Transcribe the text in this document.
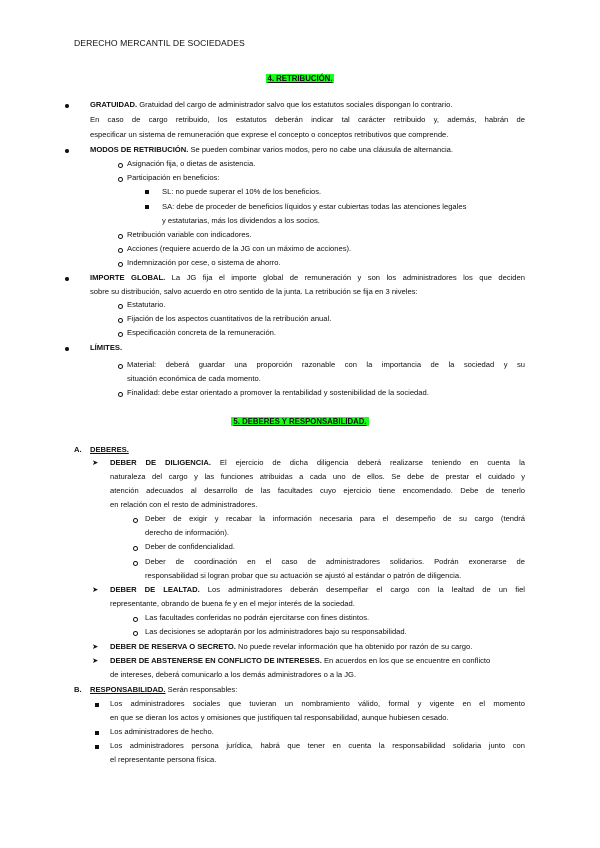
DERECHO MERCANTIL DE SOCIEDADES
4. RETRIBUCIÓN.
GRATUIDAD. Gratuidad del cargo de administrador salvo que los estatutos sociales dispongan lo contrario.
En caso de cargo retribuido, los estatutos deberán indicar tal carácter retribuido y, además, habrán de
especificar un sistema de remuneración que exprese el concepto o conceptos retributivos que comprende.
MODOS DE RETRIBUCIÓN. Se pueden combinar varios modos, pero no cabe una cláusula de alternancia.
Asignación fija, o dietas de asistencia.
Participación en beneficios:
SL: no puede superar el 10% de los beneficios.
SA: debe de proceder de beneficios líquidos y estar cubiertas todas las atenciones legales
y estatutarias, más los dividendos a los socios.
Retribución variable con indicadores.
Acciones (requiere acuerdo de la JG con un máximo de acciones).
Indemnización por cese, o sistema de ahorro.
IMPORTE GLOBAL. La JG fija el importe global de remuneración y son los administradores los que deciden
sobre su distribución, salvo acuerdo en otro sentido de la junta. La retribución se fija en 3 niveles:
Estatutario.
Fijación de los aspectos cuantitativos de la retribución anual.
Especificación concreta de la remuneración.
LÍMITES.
Material: deberá guardar una proporción razonable con la importancia de la sociedad y su
situación económica de cada momento.
Finalidad: debe estar orientado a promover la rentabilidad y sostenibilidad de la sociedad.
5. DEBERES Y RESPONSABILIDAD.
A. DEBERES.
➤ DEBER DE DILIGENCIA. El ejercicio de dicha diligencia deberá realizarse teniendo en cuenta la
naturaleza del cargo y las funciones atribuidas a cada uno de ellos. Se debe de prestar el cuidado y
atención adecuados al desarrollo de las facultades cuyo ejercicio tiene encomendado. Debe de tenerlo
en relación con el resto de administradores.
Deber de exigir y recabar la información necesaria para el desempeño de su cargo (tendrá
derecho de información).
Deber de confidencialidad.
Deber de coordinación en el caso de administradores solidarios. Podrán exonerarse de
responsabilidad si logran probar que su actuación se ajustó al estándar o patrón de diligencia.
➤ DEBER DE LEALTAD. Los administradores deberán desempeñar el cargo con la lealtad de un fiel
representante, obrando de buena fe y en el mejor interés de la sociedad.
Las facultades conferidas no podrán ejercitarse con fines distintos.
Las decisiones se adoptarán por los administradores bajo su responsabilidad.
➤ DEBER DE RESERVA O SECRETO. No puede revelar información que ha obtenido por razón de su cargo.
➤ DEBER DE ABSTENERSE EN CONFLICTO DE INTERESES. En acuerdos en los que se encuentre en conflicto
de intereses, deberá comunicarlo a los demás administradores o a la JG.
B. RESPONSABILIDAD. Serán responsables:
Los administradores sociales que tuvieran un nombramiento válido, formal y vigente en el momento
en que se dieran los actos y omisiones que justifiquen tal responsabilidad, aunque hubiesen cesado.
Los administradores de hecho.
Los administradores persona jurídica, habrá que tener en cuenta la responsabilidad solidaria junto con
el representante persona física.
